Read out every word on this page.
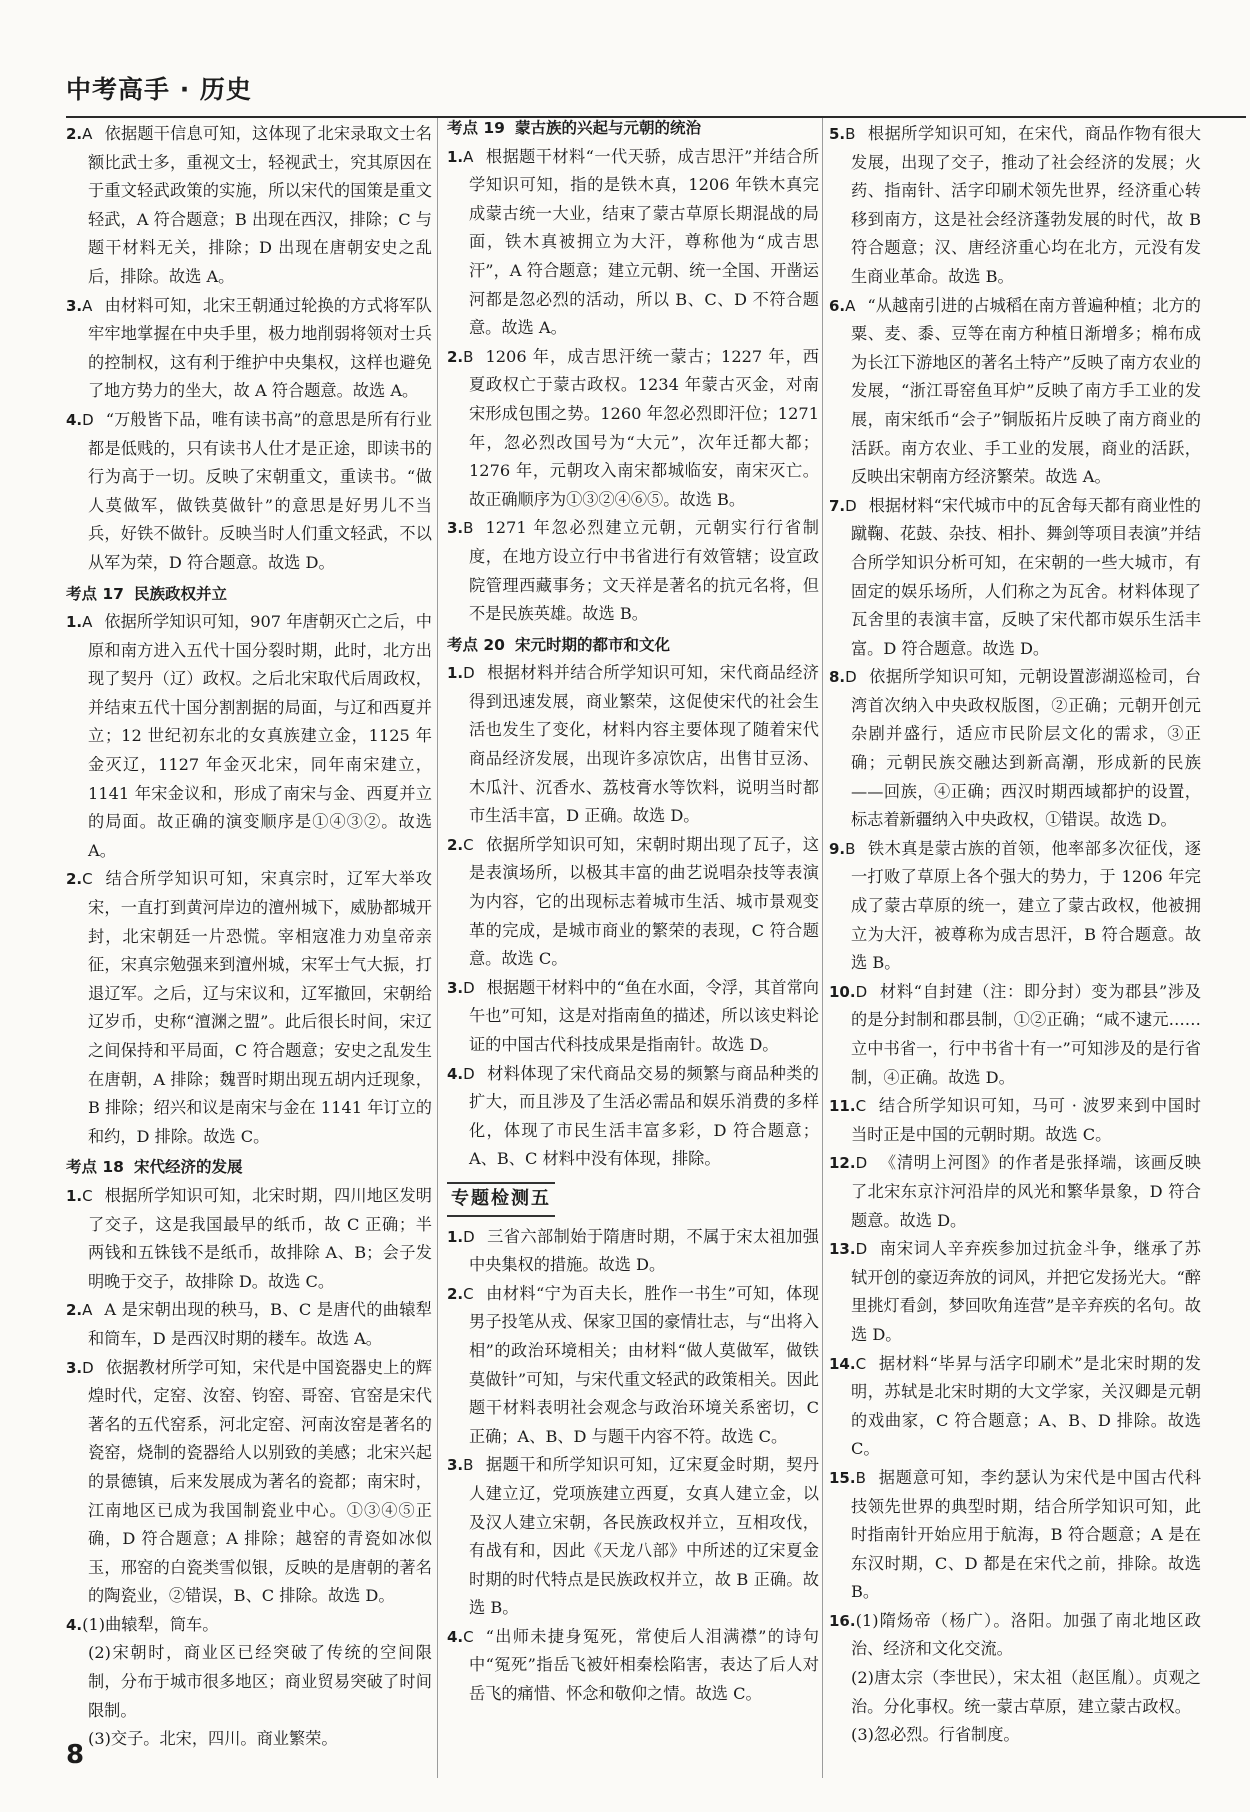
中考高手 · 历史

2.A 依据题干信息可知，这体现了北宋录取文士名额比武士多，重视文士，轻视武士，究其原因在于重文轻武政策的实施，所以宋代的国策是重文轻武，A 符合题意；B 出现在西汉，排除；C 与题干材料无关，排除；D 出现在唐朝安史之乱后，排除。故选 A。

3.A 由材料可知，北宋王朝通过轮换的方式将军队牢牢地掌握在中央手里，极力地削弱将领对士兵的控制权，这有利于维护中央集权，这样也避免了地方势力的坐大，故 A 符合题意。故选 A。

4.D “万般皆下品，唯有读书高”的意思是所有行业都是低贱的，只有读书人仕才是正途，即读书的行为高于一切。反映了宋朝重文，重读书。“做人莫做军，做铁莫做针”的意思是好男儿不当兵，好铁不做针。反映当时人们重文轻武，不以从军为荣，D 符合题意。故选 D。

考点 17 民族政权并立

1.A 依据所学知识可知，907 年唐朝灭亡之后，中原和南方进入五代十国分裂时期，此时，北方出现了契丹（辽）政权。之后北宋取代后周政权，并结束五代十国分割割据的局面，与辽和西夏并立；12 世纪初东北的女真族建立金，1125 年金灭辽，1127 年金灭北宋，同年南宋建立，1141 年宋金议和，形成了南宋与金、西夏并立的局面。故正确的演变顺序是①④③②。故选 A。

2.C 结合所学知识可知，宋真宗时，辽军大举攻宋，一直打到黄河岸边的澶州城下，威胁都城开封，北宋朝廷一片恐慌。宰相寇准力劝皇帝亲征，宋真宗勉强来到澶州城，宋军士气大振，打退辽军。之后，辽与宋议和，辽军撤回，宋朝给辽岁币，史称“澶渊之盟”。此后很长时间，宋辽之间保持和平局面，C 符合题意；安史之乱发生在唐朝，A 排除；魏晋时期出现五胡内迁现象，B 排除；绍兴和议是南宋与金在 1141 年订立的和约，D 排除。故选 C。

考点 18 宋代经济的发展

1.C 根据所学知识可知，北宋时期，四川地区发明了交子，这是我国最早的纸币，故 C 正确；半两钱和五铢钱不是纸币，故排除 A、B；会子发明晚于交子，故排除 D。故选 C。

2.A A 是宋朝出现的秧马，B、C 是唐代的曲辕犁和筒车，D 是西汉时期的耧车。故选 A。

3.D 依据教材所学可知，宋代是中国瓷器史上的辉煌时代，定窑、汝窑、钧窑、哥窑、官窑是宋代著名的五代窑系，河北定窑、河南汝窑是著名的瓷窑，烧制的瓷器给人以别致的美感；北宋兴起的景德镇，后来发展成为著名的瓷都；南宋时，江南地区已成为我国制瓷业中心。①③④⑤正确，D 符合题意；A 排除；越窑的青瓷如冰似玉，邢窑的白瓷类雪似银，反映的是唐朝的著名的陶瓷业，②错误，B、C 排除。故选 D。

4.(1)曲辕犁，筒车。

(2)宋朝时，商业区已经突破了传统的空间限制，分布于城市很多地区；商业贸易突破了时间限制。

(3)交子。北宋，四川。商业繁荣。

考点 19 蒙古族的兴起与元朝的统治

1.A 根据题干材料“一代天骄，成吉思汗”并结合所学知识可知，指的是铁木真，1206 年铁木真完成蒙古统一大业，结束了蒙古草原长期混战的局面，铁木真被拥立为大汗，尊称他为“成吉思汗”，A 符合题意；建立元朝、统一全国、开凿运河都是忽必烈的活动，所以 B、C、D 不符合题意。故选 A。

2.B 1206 年，成吉思汗统一蒙古；1227 年，西夏政权亡于蒙古政权。1234 年蒙古灭金，对南宋形成包围之势。1260 年忽必烈即汗位；1271 年，忽必烈改国号为“大元”，次年迁都大都；1276 年，元朝攻入南宋都城临安，南宋灭亡。故正确顺序为①③②④⑥⑤。故选 B。

3.B 1271 年忽必烈建立元朝，元朝实行行省制度，在地方设立行中书省进行有效管辖；设宣政院管理西藏事务；文天祥是著名的抗元名将，但不是民族英雄。故选 B。

考点 20 宋元时期的都市和文化

1.D 根据材料并结合所学知识可知，宋代商品经济得到迅速发展，商业繁荣，这促使宋代的社会生活也发生了变化，材料内容主要体现了随着宋代商品经济发展，出现许多凉饮店，出售甘豆汤、木瓜汁、沉香水、荔枝膏水等饮料，说明当时都市生活丰富，D 正确。故选 D。

2.C 依据所学知识可知，宋朝时期出现了瓦子，这是表演场所，以极其丰富的曲艺说唱杂技等表演为内容，它的出现标志着城市生活、城市景观变革的完成，是城市商业的繁荣的表现，C 符合题意。故选 C。

3.D 根据题干材料中的“鱼在水面，令浮，其首常向午也”可知，这是对指南鱼的描述，所以该史料论证的中国古代科技成果是指南针。故选 D。

4.D 材料体现了宋代商品交易的频繁与商品种类的扩大，而且涉及了生活必需品和娱乐消费的多样化，体现了市民生活丰富多彩，D 符合题意；A、B、C 材料中没有体现，排除。

专题检测五

1.D 三省六部制始于隋唐时期，不属于宋太祖加强中央集权的措施。故选 D。

2.C 由材料“宁为百夫长，胜作一书生”可知，体现男子投笔从戎、保家卫国的豪情壮志，与“出将入相”的政治环境相关；由材料“做人莫做军，做铁莫做针”可知，与宋代重文轻武的政策相关。因此题干材料表明社会观念与政治环境关系密切，C 正确；A、B、D 与题干内容不符。故选 C。

3.B 据题干和所学知识可知，辽宋夏金时期，契丹人建立辽，党项族建立西夏，女真人建立金，以及汉人建立宋朝，各民族政权并立，互相攻伐，有战有和，因此《天龙八部》中所述的辽宋夏金时期的时代特点是民族政权并立，故 B 正确。故选 B。

4.C “出师未捷身冤死，常使后人泪满襟”的诗句中“冤死”指岳飞被奸相秦桧陷害，表达了后人对岳飞的痛惜、怀念和敬仰之情。故选 C。

5.B 根据所学知识可知，在宋代，商品作物有很大发展，出现了交子，推动了社会经济的发展；火药、指南针、活字印刷术领先世界，经济重心转移到南方，这是社会经济蓬勃发展的时代，故 B 符合题意；汉、唐经济重心均在北方，元没有发生商业革命。故选 B。

6.A “从越南引进的占城稻在南方普遍种植；北方的粟、麦、黍、豆等在南方种植日渐增多；棉布成为长江下游地区的著名土特产”反映了南方农业的发展，“浙江哥窑鱼耳炉”反映了南方手工业的发展，南宋纸币“会子”铜版拓片反映了南方商业的活跃。南方农业、手工业的发展，商业的活跃，反映出宋朝南方经济繁荣。故选 A。

7.D 根据材料“宋代城市中的瓦舍每天都有商业性的蹴鞠、花鼓、杂技、相扑、舞剑等项目表演”并结合所学知识分析可知，在宋朝的一些大城市，有固定的娱乐场所，人们称之为瓦舍。材料体现了瓦舍里的表演丰富，反映了宋代都市娱乐生活丰富。D 符合题意。故选 D。

8.D 依据所学知识可知，元朝设置澎湖巡检司，台湾首次纳入中央政权版图，②正确；元朝开创元杂剧并盛行，适应市民阶层文化的需求，③正确；元朝民族交融达到新高潮，形成新的民族——回族，④正确；西汉时期西域都护的设置，标志着新疆纳入中央政权，①错误。故选 D。

9.B 铁木真是蒙古族的首领，他率部多次征伐，逐一打败了草原上各个强大的势力，于 1206 年完成了蒙古草原的统一，建立了蒙古政权，他被拥立为大汗，被尊称为成吉思汗，B 符合题意。故选 B。

10.D 材料“自封建（注：即分封）变为郡县”涉及的是分封制和郡县制，①②正确；“咸不逮元……立中书省一，行中书省十有一”可知涉及的是行省制，④正确。故选 D。

11.C 结合所学知识可知，马可 · 波罗来到中国时当时正是中国的元朝时期。故选 C。

12.D 《清明上河图》的作者是张择端，该画反映了北宋东京汴河沿岸的风光和繁华景象，D 符合题意。故选 D。

13.D 南宋词人辛弃疾参加过抗金斗争，继承了苏轼开创的豪迈奔放的词风，并把它发扬光大。“醉里挑灯看剑，梦回吹角连营”是辛弃疾的名句。故选 D。

14.C 据材料“毕昇与活字印刷术”是北宋时期的发明，苏轼是北宋时期的大文学家，关汉卿是元朝的戏曲家，C 符合题意；A、B、D 排除。故选 C。

15.B 据题意可知，李约瑟认为宋代是中国古代科技领先世界的典型时期，结合所学知识可知，此时指南针开始应用于航海，B 符合题意；A 是在东汉时期，C、D 都是在宋代之前，排除。故选 B。

16.(1)隋炀帝（杨广）。洛阳。加强了南北地区政治、经济和文化交流。

(2)唐太宗（李世民），宋太祖（赵匡胤）。贞观之治。分化事权。统一蒙古草原，建立蒙古政权。

(3)忽必烈。行省制度。

8
